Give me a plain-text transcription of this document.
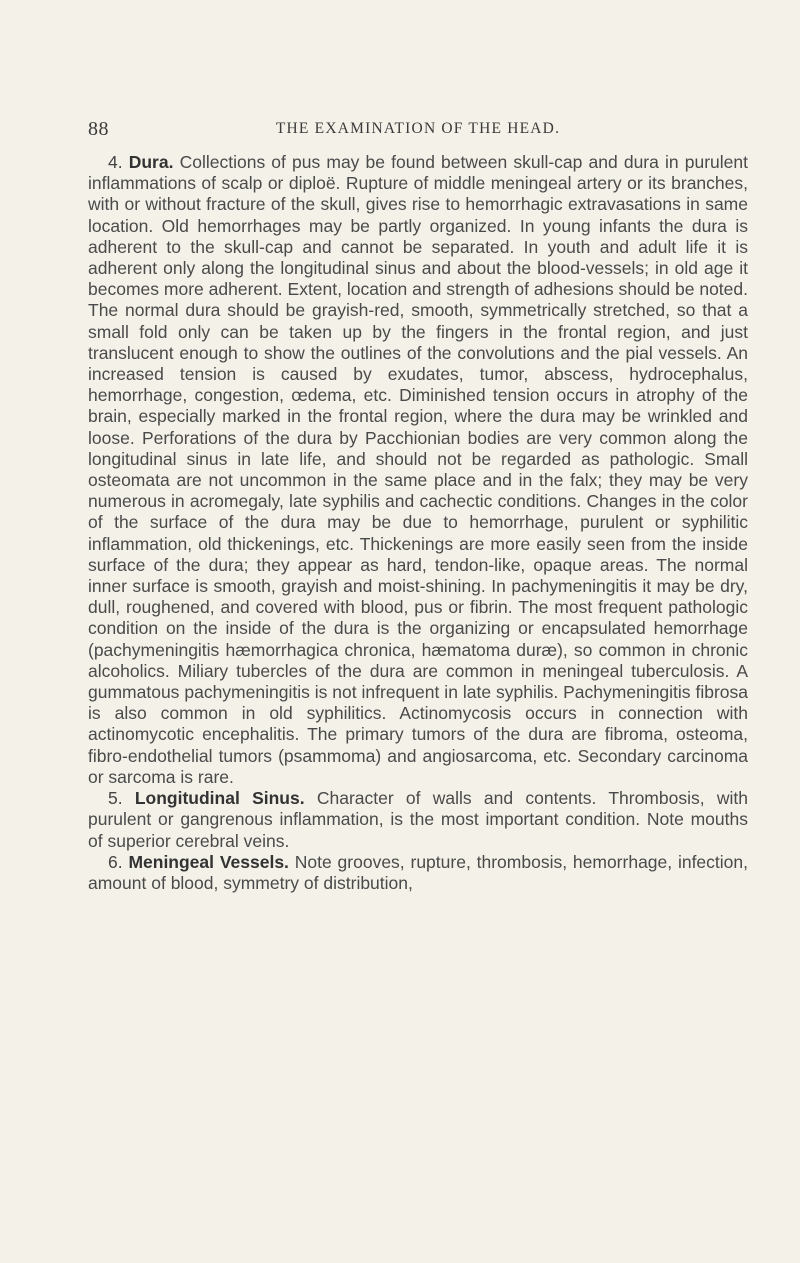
88	THE EXAMINATION OF THE HEAD.

4. Dura. Collections of pus may be found between skull-cap and dura in purulent inflammations of scalp or diploë. Rupture of middle meningeal artery or its branches, with or without fracture of the skull, gives rise to hemorrhagic extravasations in same location. Old hemorrhages may be partly organized. In young infants the dura is adherent to the skull-cap and cannot be separated. In youth and adult life it is adherent only along the longitudinal sinus and about the blood-vessels; in old age it becomes more adherent. Extent, location and strength of adhesions should be noted. The normal dura should be grayish-red, smooth, symmetrically stretched, so that a small fold only can be taken up by the fingers in the frontal region, and just translucent enough to show the outlines of the convolutions and the pial vessels. An increased tension is caused by exudates, tumor, abscess, hydrocephalus, hemorrhage, congestion, œdema, etc. Diminished tension occurs in atrophy of the brain, especially marked in the frontal region, where the dura may be wrinkled and loose. Perforations of the dura by Pacchionian bodies are very common along the longitudinal sinus in late life, and should not be regarded as pathologic. Small osteomata are not uncommon in the same place and in the falx; they may be very numerous in acromegaly, late syphilis and cachectic conditions. Changes in the color of the surface of the dura may be due to hemorrhage, purulent or syphilitic inflammation, old thickenings, etc. Thickenings are more easily seen from the inside surface of the dura; they appear as hard, tendon-like, opaque areas. The normal inner surface is smooth, grayish and moist-shining. In pachymeningitis it may be dry, dull, roughened, and covered with blood, pus or fibrin. The most frequent pathologic condition on the inside of the dura is the organizing or encapsulated hemorrhage (pachymeningitis hæmorrhagica chronica, hæmatoma duræ), so common in chronic alcoholics. Miliary tubercles of the dura are common in meningeal tuberculosis. A gummatous pachymeningitis is not infrequent in late syphilis. Pachymeningitis fibrosa is also common in old syphilitics. Actinomycosis occurs in connection with actinomycotic encephalitis. The primary tumors of the dura are fibroma, osteoma, fibro-endothelial tumors (psammoma) and angiosarcoma, etc. Secondary carcinoma or sarcoma is rare.

5. Longitudinal Sinus. Character of walls and contents. Thrombosis, with purulent or gangrenous inflammation, is the most important condition. Note mouths of superior cerebral veins.

6. Meningeal Vessels. Note grooves, rupture, thrombosis, hemorrhage, infection, amount of blood, symmetry of distribution,
